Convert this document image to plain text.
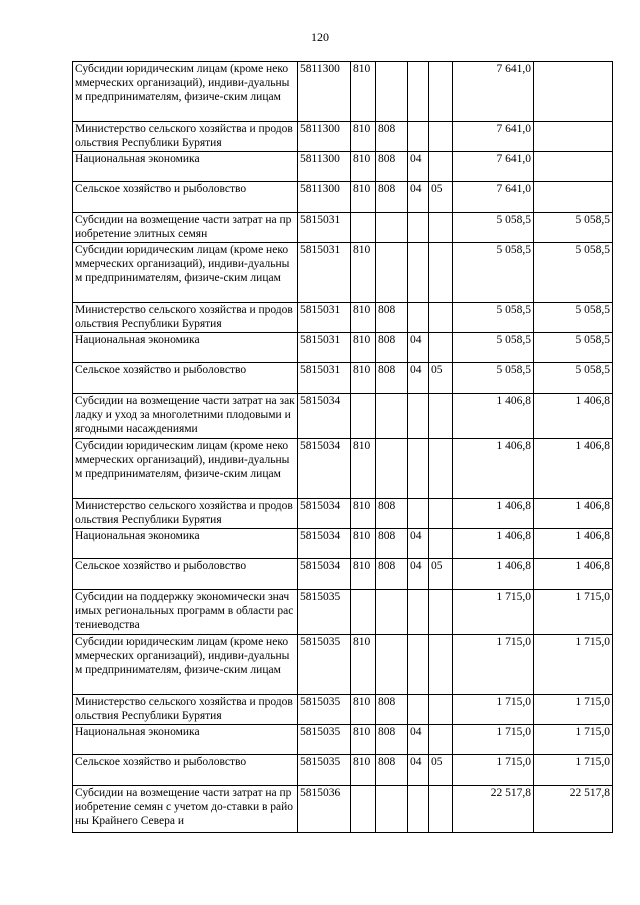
120
Субсидии юридическим лицам (кроме некоммерческих организаций), индиви-дуальным предпринимателям, физиче-ским лицам	5811300	810				7 641,0	
Министерство сельского хозяйства и продовольствия Республики Бурятия	5811300	810	808			7 641,0	
Национальная экономика	5811300	810	808	04		7 641,0	
Сельское хозяйство и рыболовство	5811300	810	808	04	05	7 641,0	
Субсидии на возмещение части затрат на приобретение элитных семян	5815031					5 058,5	5 058,5
Субсидии юридическим лицам (кроме некоммерческих организаций), индиви-дуальным предпринимателям, физиче-ским лицам	5815031	810				5 058,5	5 058,5
Министерство сельского хозяйства и продовольствия Республики Бурятия	5815031	810	808			5 058,5	5 058,5
Национальная экономика	5815031	810	808	04		5 058,5	5 058,5
Сельское хозяйство и рыболовство	5815031	810	808	04	05	5 058,5	5 058,5
Субсидии на возмещение части затрат на закладку и уход за многолетними плодовыми и ягодными насаждениями	5815034					1 406,8	1 406,8
Субсидии юридическим лицам (кроме некоммерческих организаций), индиви-дуальным предпринимателям, физиче-ским лицам	5815034	810				1 406,8	1 406,8
Министерство сельского хозяйства и продовольствия Республики Бурятия	5815034	810	808			1 406,8	1 406,8
Национальная экономика	5815034	810	808	04		1 406,8	1 406,8
Сельское хозяйство и рыболовство	5815034	810	808	04	05	1 406,8	1 406,8
Субсидии на поддержку экономически значимых региональных программ в области растениеводства	5815035					1 715,0	1 715,0
Субсидии юридическим лицам (кроме некоммерческих организаций), индиви-дуальным предпринимателям, физиче-ским лицам	5815035	810				1 715,0	1 715,0
Министерство сельского хозяйства и продовольствия Республики Бурятия	5815035	810	808			1 715,0	1 715,0
Национальная экономика	5815035	810	808	04		1 715,0	1 715,0
Сельское хозяйство и рыболовство	5815035	810	808	04	05	1 715,0	1 715,0
Субсидии на возмещение части затрат на приобретение семян с учетом до-ставки в районы Крайнего Севера и	5815036					22 517,8	22 517,8
